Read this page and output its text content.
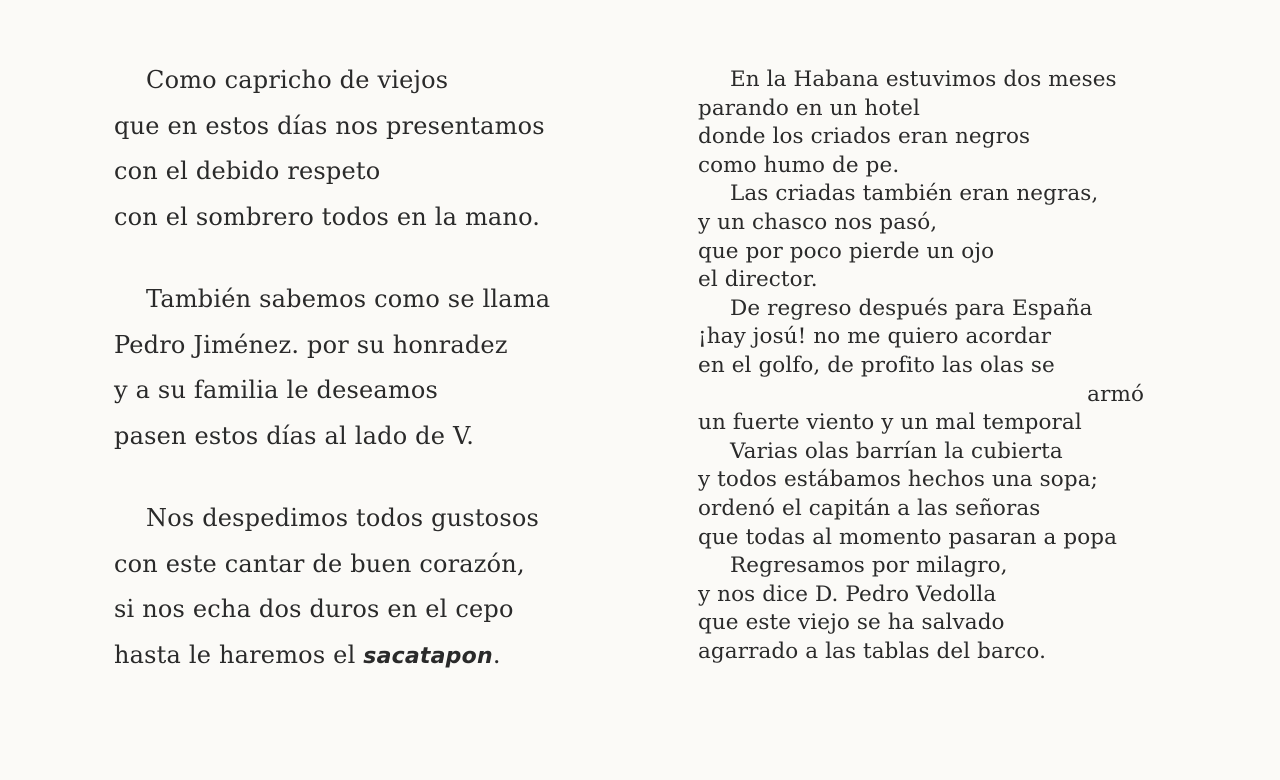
Como capricho de viejos
que en estos días nos presentamos
con el debido respeto
con el sombrero todos en la mano.
También sabemos como se llama
Pedro Jiménez. por su honradez
y a su familia le deseamos
pasen estos días al lado de V.
Nos despedimos todos gustosos
con este cantar de buen corazón,
si nos echa dos duros en el cepo
hasta le haremos el sacatapon.
En la Habana estuvimos dos meses
parando en un hotel
donde los criados eran negros
como humo de pe.
Las criadas también eran negras,
y un chasco nos pasó,
que por poco pierde un ojo
el director.
De regreso después para España
¡hay josú! no me quiero acordar
en el golfo, de profito las olas se
armó
un fuerte viento y un mal temporal
Varias olas barrían la cubierta
y todos estábamos hechos una sopa;
ordenó el capitán a las señoras
que todas al momento pasaran a popa
Regresamos por milagro,
y nos dice D. Pedro Vedolla
que este viejo se ha salvado
agarrado a las tablas del barco.
